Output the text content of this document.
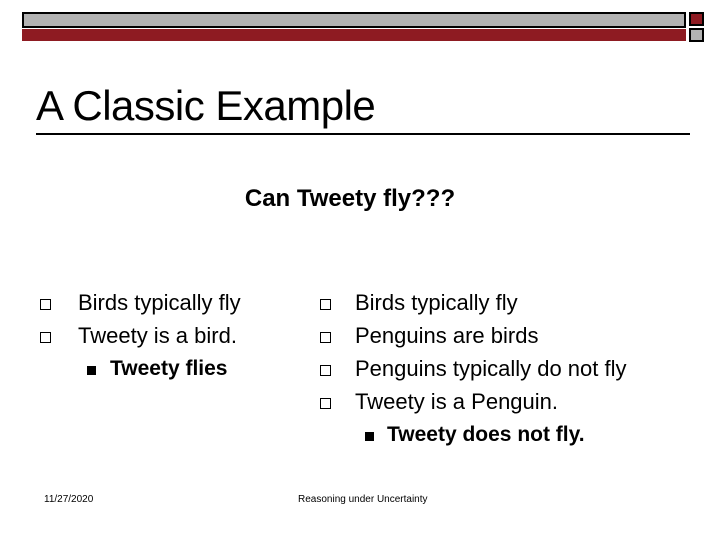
A Classic Example
Can Tweety fly???
Birds typically fly
Tweety is a bird.
Tweety flies
Birds typically fly
Penguins are birds
Penguins typically do not fly
Tweety is a Penguin.
Tweety does not fly.
11/27/2020	Reasoning under Uncertainty
